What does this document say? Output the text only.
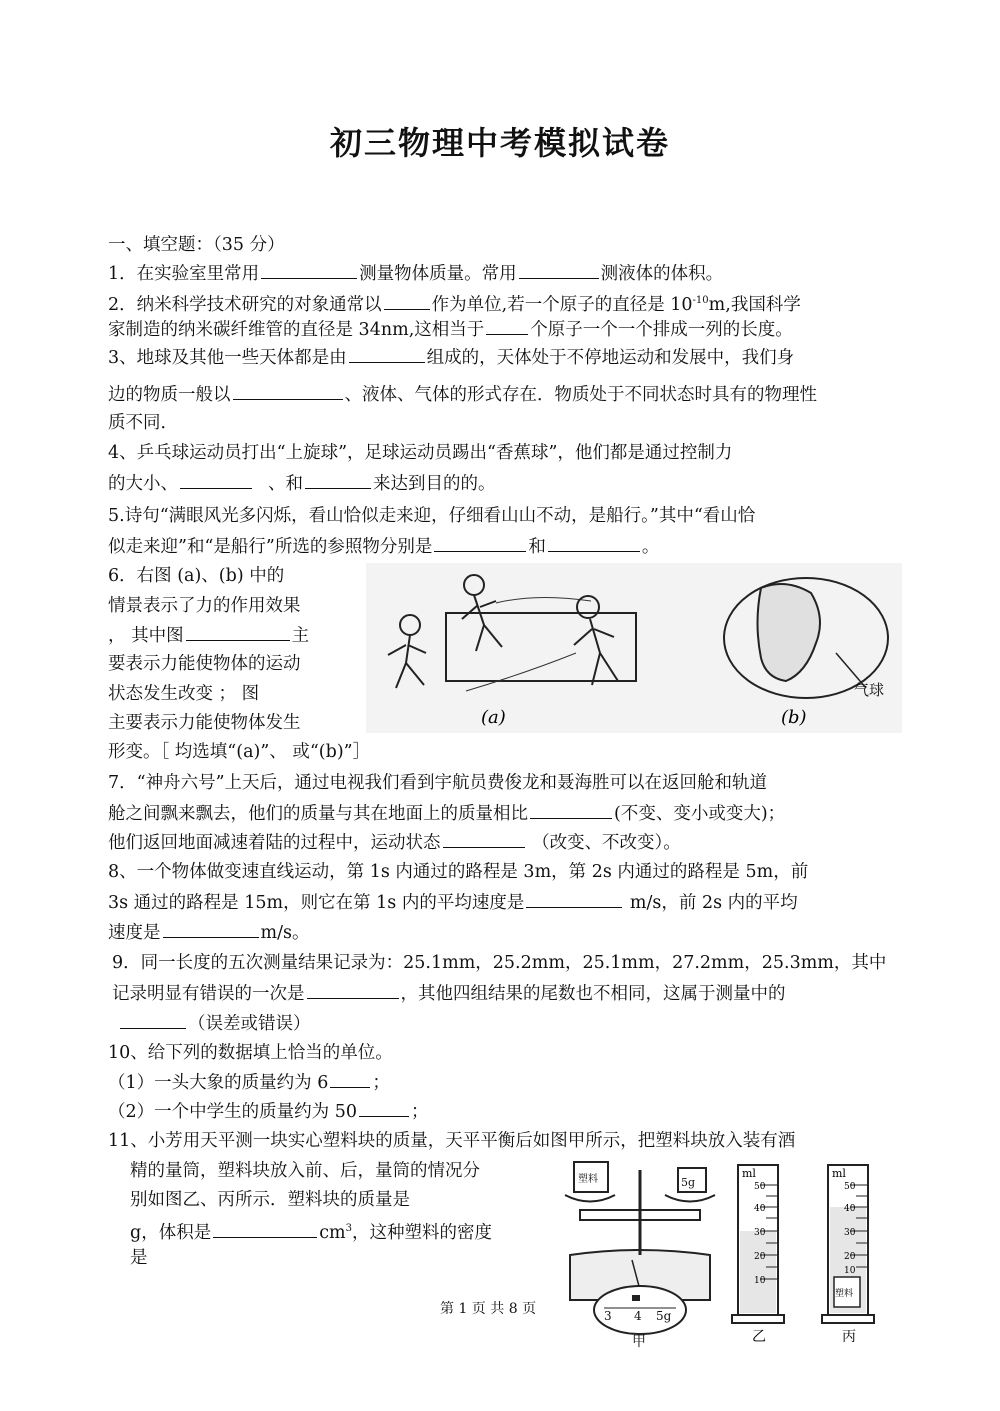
初三物理中考模拟试卷
一、填空题：（35 分）
1．在实验室里常用	测量物体质量。常用	测液体的体积。
2．纳米科学技术研究的对象通常以	作为单位,若一个原子的直径是 $10^{-10}m$,我国科学
家制造的纳米碳纤维管的直径是 34nm,这相当于	个原子一个一个排成一列的长度。
3、地球及其他一些天体都是由	组成的，天体处于不停地运动和发展中，我们身
边的物质一般以	、液体、气体的形式存在．物质处于不同状态时具有的物理性
质不同．
4、乒乓球运动员打出“上旋球”，足球运动员踢出“香蕉球”，他们都是通过控制力
的大小、	、和	来达到目的的。
5.诗句“满眼风光多闪烁，看山恰似走来迎，仔细看山山不动，是船行。”其中“看山恰
似走来迎”和“是船行”所选的参照物分别是	和	。
6．右图 (a)、(b) 中的
情景表示了力的作用效果
， 其中图	主
要表示力能使物体的运动
状态发生改变 ； 图
主要表示力能使物体发生
形变。［ 均选填“(a)”、 或“(b)”］
气球
(a)	(b)
7．“神舟六号”上天后，通过电视我们看到宇航员费俊龙和聂海胜可以在返回舱和轨道
舱之间飘来飘去，他们的质量与其在地面上的质量相比	(不变、变小或变大)；
他们返回地面减速着陆的过程中，运动状态	（改变、不改变）。
8、一个物体做变速直线运动，第 1s 内通过的路程是 3m，第 2s 内通过的路程是 5m，前
3s 通过的路程是 15m，则它在第 1s 内的平均速度是	m/s，前 2s 内的平均
速度是	m/s。
9．同一长度的五次测量结果记录为：25.1mm，25.2mm，25.1mm，27.2mm，25.3mm，其中
记录明显有错误的一次是	，其他四组结果的尾数也不相同，这属于测量中的
（误差或错误）
10、给下列的数据填上恰当的单位。
（1）一头大象的质量约为 6	；
（2）一个中学生的质量约为 50	；
11、小芳用天平测一块实心塑料块的质量，天平平衡后如图甲所示，把塑料块放入装有酒
精的量筒，塑料块放入前、后，量筒的情况分
别如图乙、丙所示．塑料块的质量是
g，体积是	$cm^3$，这种塑料的密度
是
塑料	5g
3 4 5g
甲
ml
50
40
30
20
10
乙
塑料
ml
50
40
30
20
10
丙
第 1 页 共 8 页
